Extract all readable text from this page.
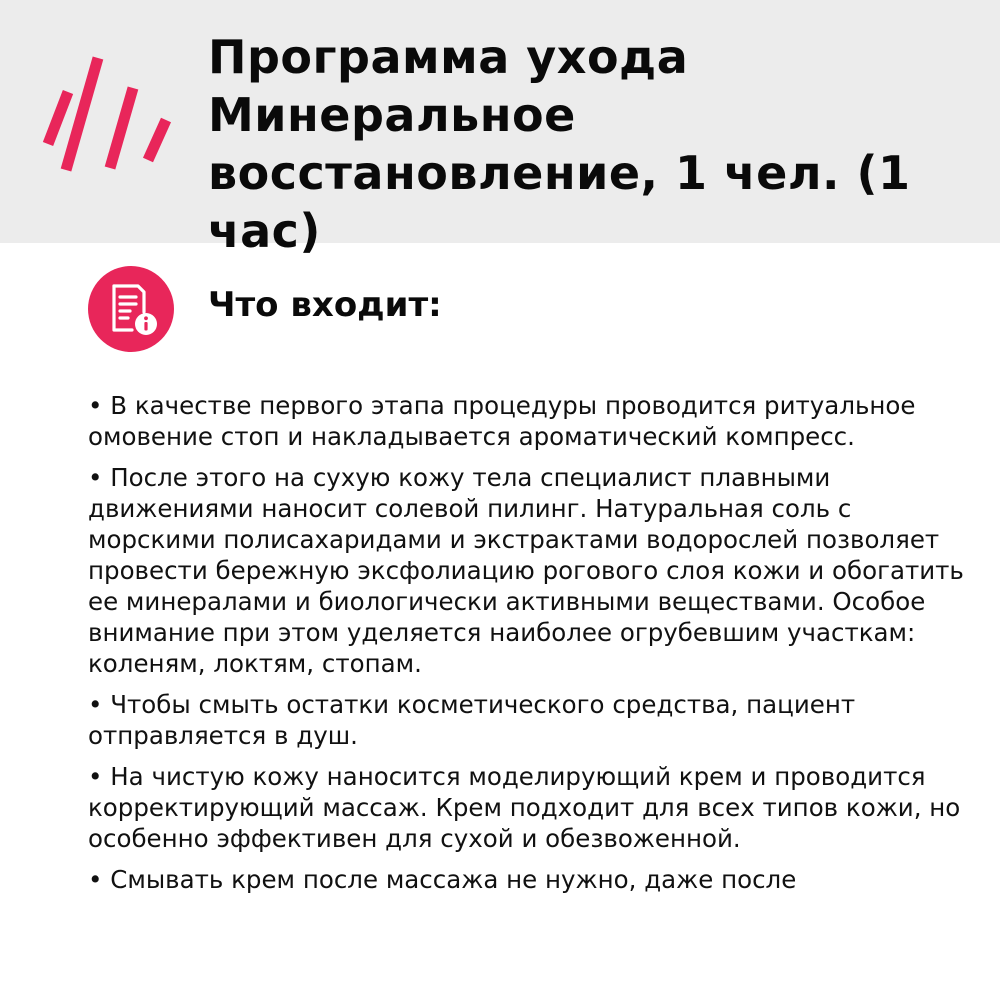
Программа ухода Минеральное восстановление, 1 чел. (1 час)
Что входит:

• В качестве первого этапа процедуры проводится ритуальное омовение стоп и накладывается ароматический компресс.

• После этого на сухую кожу тела специалист плавными движениями наносит солевой пилинг. Натуральная соль с морскими полисахаридами и экстрактами водорослей позволяет провести бережную эксфолиацию рогового слоя кожи и обогатить ее минералами и биологически активными веществами. Особое внимание при этом уделяется наиболее огрубевшим участкам: коленям, локтям, стопам.

• Чтобы смыть остатки косметического средства, пациент отправляется в душ.

• На чистую кожу наносится моделирующий крем и проводится корректирующий массаж. Крем подходит для всех типов кожи, но особенно эффективен для сухой и обезвоженной.

• Смывать крем после массажа не нужно, даже после
